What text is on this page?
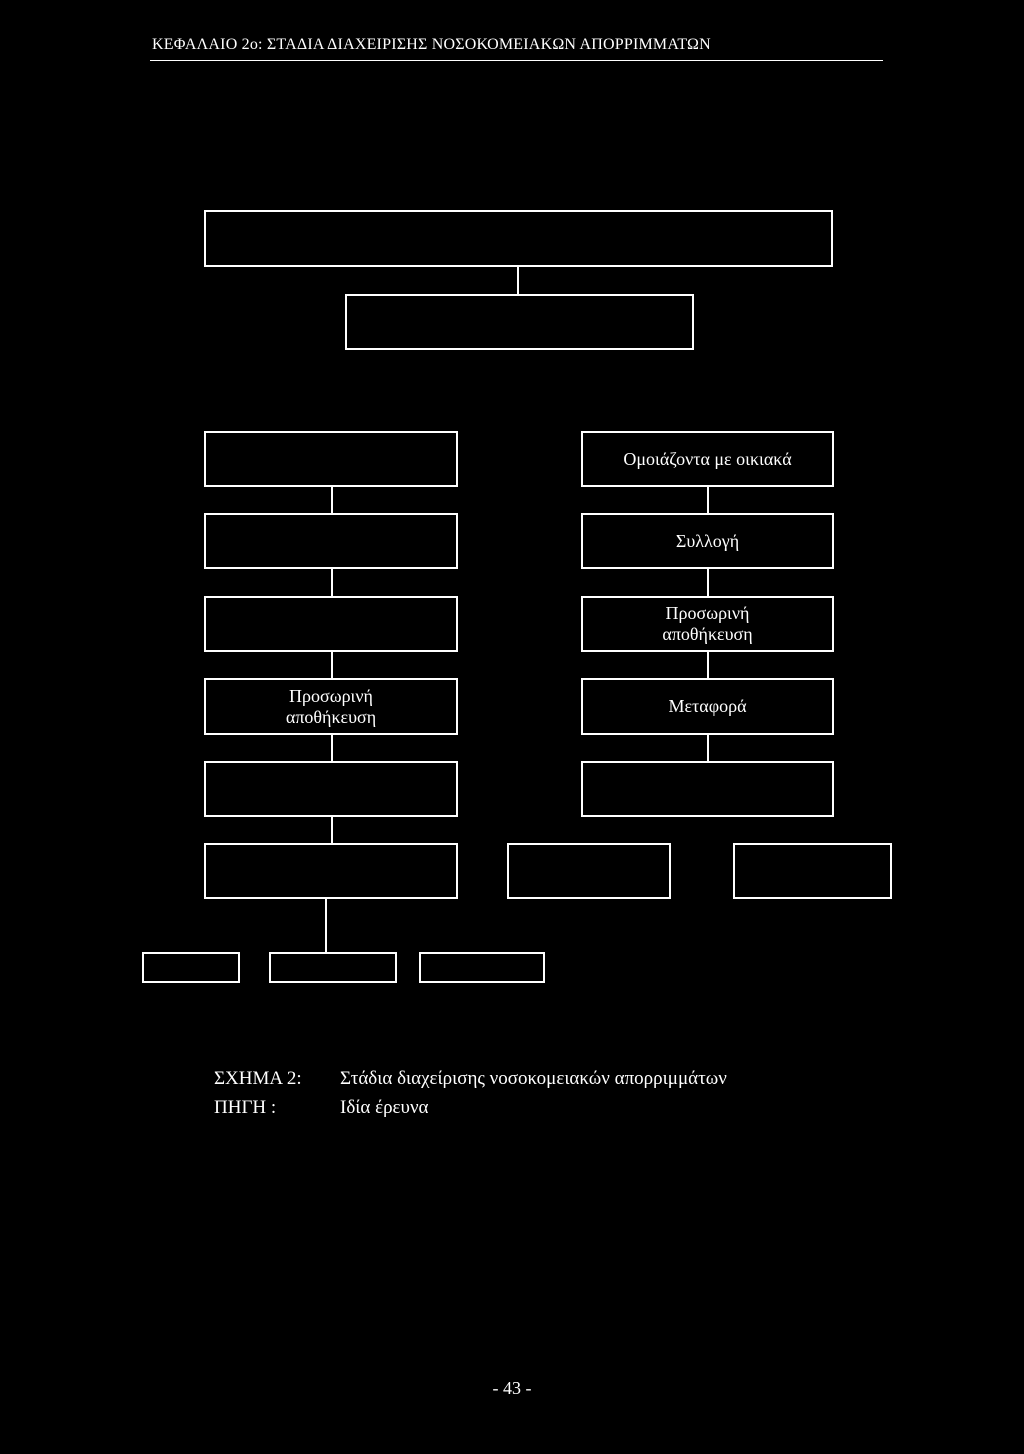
ΚΕΦΑΛΑΙΟ 2ο: ΣΤΑΔΙΑ ΔΙΑΧΕΙΡΙΣΗΣ ΝΟΣΟΚΟΜΕΙΑΚΩΝ ΑΠΟΡΡΙΜΜΑΤΩΝ
Προσωρινή
αποθήκευση
Ομοιάζοντα με οικιακά
Συλλογή
Προσωρινή
αποθήκευση
Μεταφορά
ΣΧΗΜΑ 2: Στάδια διαχείρισης νοσοκομειακών απορριμμάτων
ΠΗΓΗ :	Ιδία έρευνα
- 43 -
